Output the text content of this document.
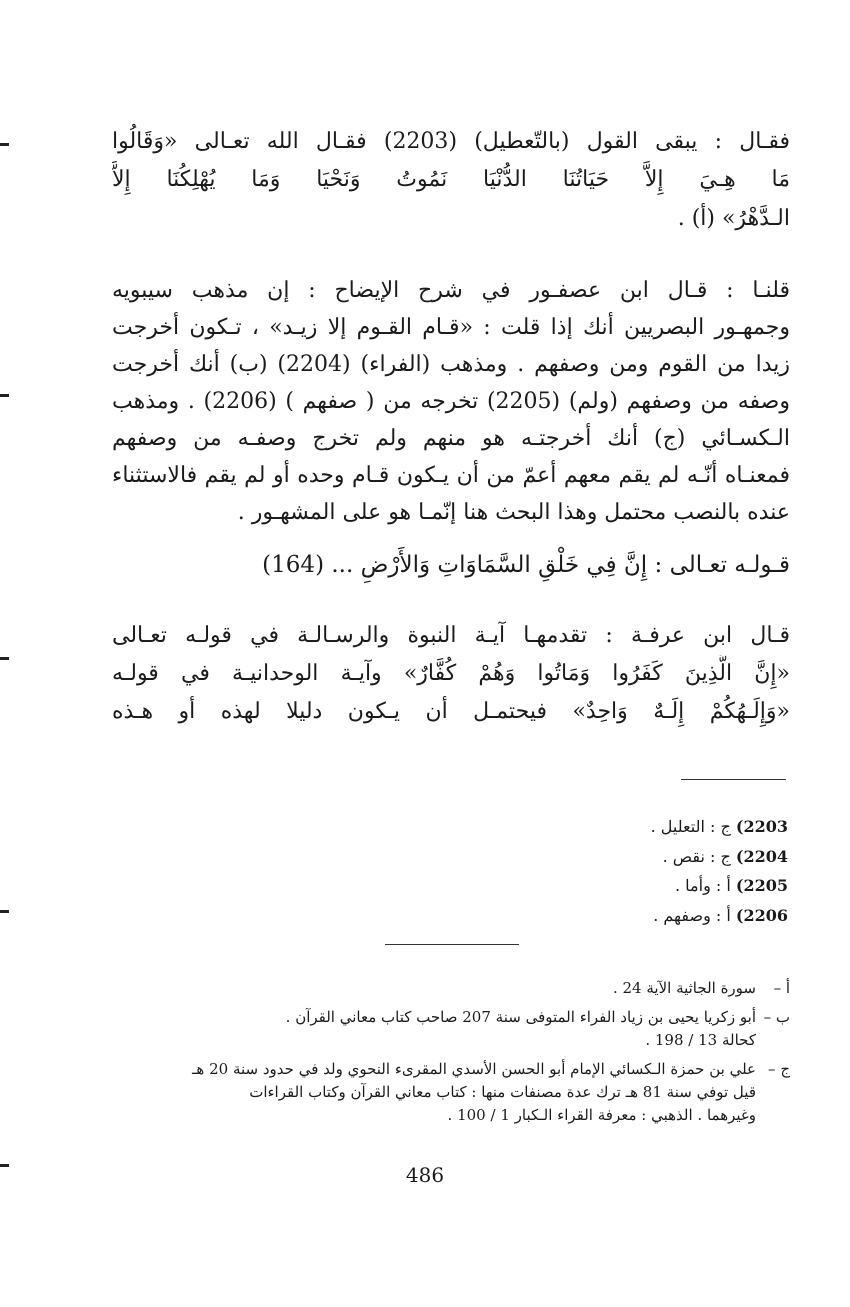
فقـال : يبقى القول (بالتّعطيل) (2203) فقـال الله تعـالى «وَقَالُوا
مَا هِـيَ إِلاَّ حَيَاتُنَا الدُّنْيَا نَمُوتُ وَنَحْيَا وَمَا يُهْلِكُنَا إِلاَّ
الـدَّهْرُ» (أ) .
قلنـا : قـال ابن عصفـور في شرح الإيضاح : إن مذهب سيبويه
وجمهـور البصريين أنك إذا قلت : «قـام القـوم إلا زيـد» ، تـكون أخرجت
زيدا من القوم ومن وصفهم . ومذهب (الفراء) (2204) (ب) أنك أخرجت
وصفه من وصفهم (ولم) (2205) تخرجه من ( صفهم ) (2206) . ومذهب
الـكسـائي (ج) أنك أخرجتـه هو منهم ولم تخرج وصفـه من وصفهم
فمعنـاه أنّـه لم يقم معهم أعمّ من أن يـكون قـام وحده أو لم يقم فالاستثناء
عنده بالنصب محتمل وهذا البحث هنا إنّمـا هو على المشهـور .
قـولـه تعـالى : إِنَّ فِي خَلْقِ السَّمَاوَاتِ وَالأَرْضِ ... (164)
قـال ابن عرفـة : تقدمهـا آيـة النبوة والرسـالـة في قولـه تعـالى
«إِنَّ الَّذِينَ كَفَرُوا وَمَاتُوا وَهُمْ كُفَّارٌ» وآيـة الوحدانيـة في قولـه
«وَإِلَـهُكُمْ إِلَـهٌ وَاحِدٌ» فيحتمـل أن يـكون دليلا لهذه أو هـذه
2203) ج : التعليل .
2204) ج : نقص .
2205) أ : وأما .
2206) أ : وصفهم .
أ –
سورة الجاثية الآية 24 .
ب –
أبو زكريا يحيى بن زياد الفراء المتوفى سنة 207 صاحب كتاب معاني القرآن .
كحالة 13 / 198 .
ج –
علي بن حمزة الـكسائي الإمام أبو الحسن الأسدي المقرىء النحوي ولد في حدود سنة 20 هـ
قيل توفي سنة 81 هـ ترك عدة مصنفات منها : كتاب معاني القرآن وكتاب القراءات
وغيرهما . الذهبي : معرفة القراء الـكبار 1 / 100 .
486
